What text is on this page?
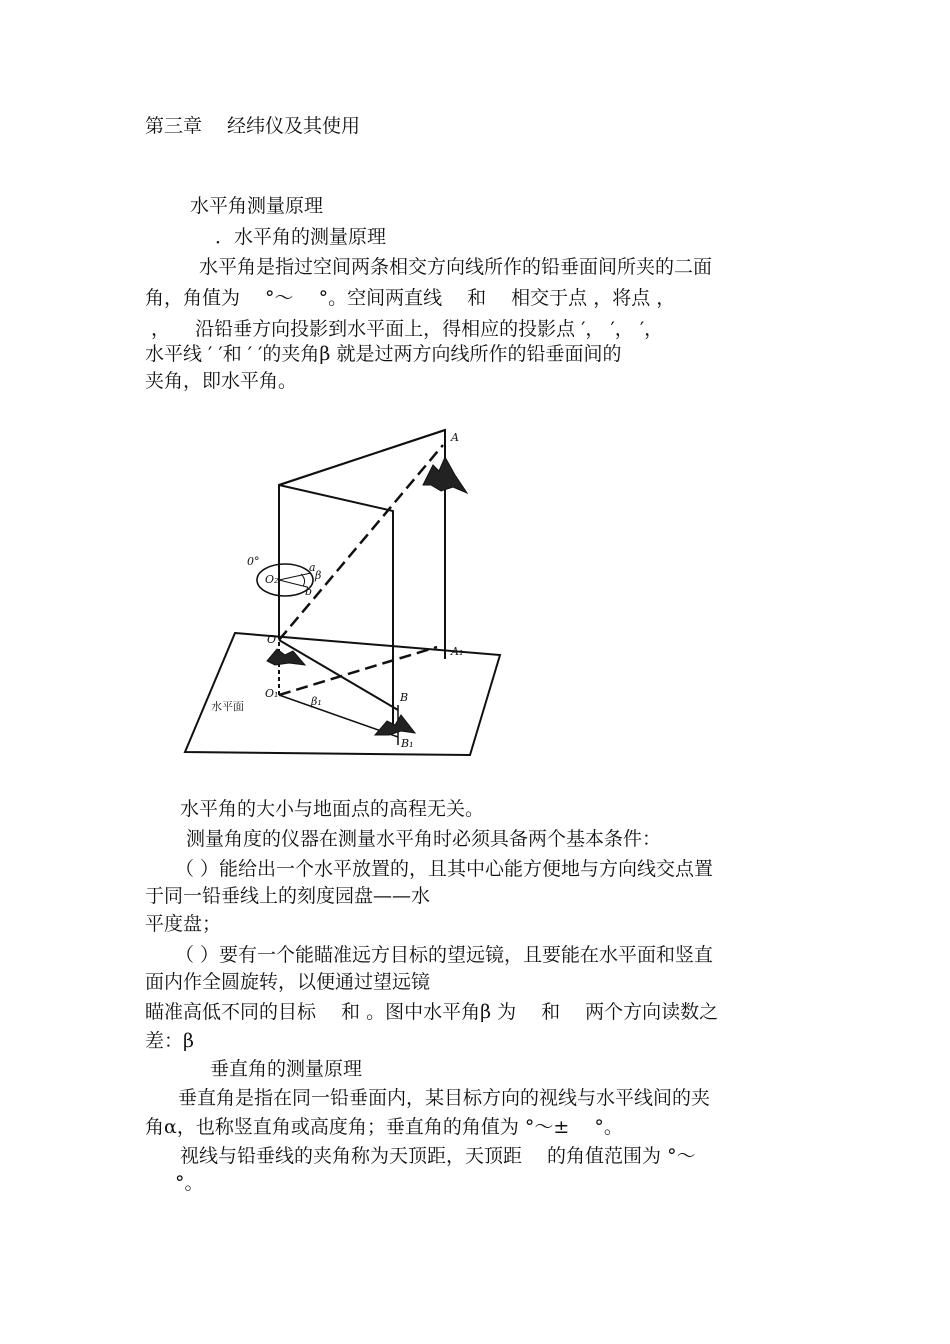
第三章 　经纬仪及其使用
水平角测量原理
．水平角的测量原理
　水平角是指过空间两条相交方向线所作的铅垂面间所夹的二面
角，角值为 　°～ 　°。空间两直线 　和 　相交于点 ，将点 ，
， 　沿铅垂方向投影到水平面上，得相应的投影点 ′， ′， ′，
水平线 ′ ′和 ′ ′的夹角β 就是过两方向线所作的铅垂面间的
夹角，即水平角。
A
A₁
B
B₁
O
O₁
O₂
a
b
β
β₁
0°
水平面
水平角的大小与地面点的高程无关。
测量角度的仪器在测量水平角时必须具备两个基本条件：
（ ）能给出一个水平放置的，且其中心能方便地与方向线交点置
于同一铅垂线上的刻度园盘——水
平度盘；
（ ）要有一个能瞄准远方目标的望远镜，且要能在水平面和竖直
面内作全圆旋转，以便通过望远镜
瞄准高低不同的目标 　和 。图中水平角β 为 　和 　两个方向读数之
差：β
垂直角的测量原理
垂直角是指在同一铅垂面内，某目标方向的视线与水平线间的夹
角α，也称竖直角或高度角；垂直角的角值为 °～± 　°。
视线与铅垂线的夹角称为天顶距，天顶距 　的角值范围为 °～
°。
